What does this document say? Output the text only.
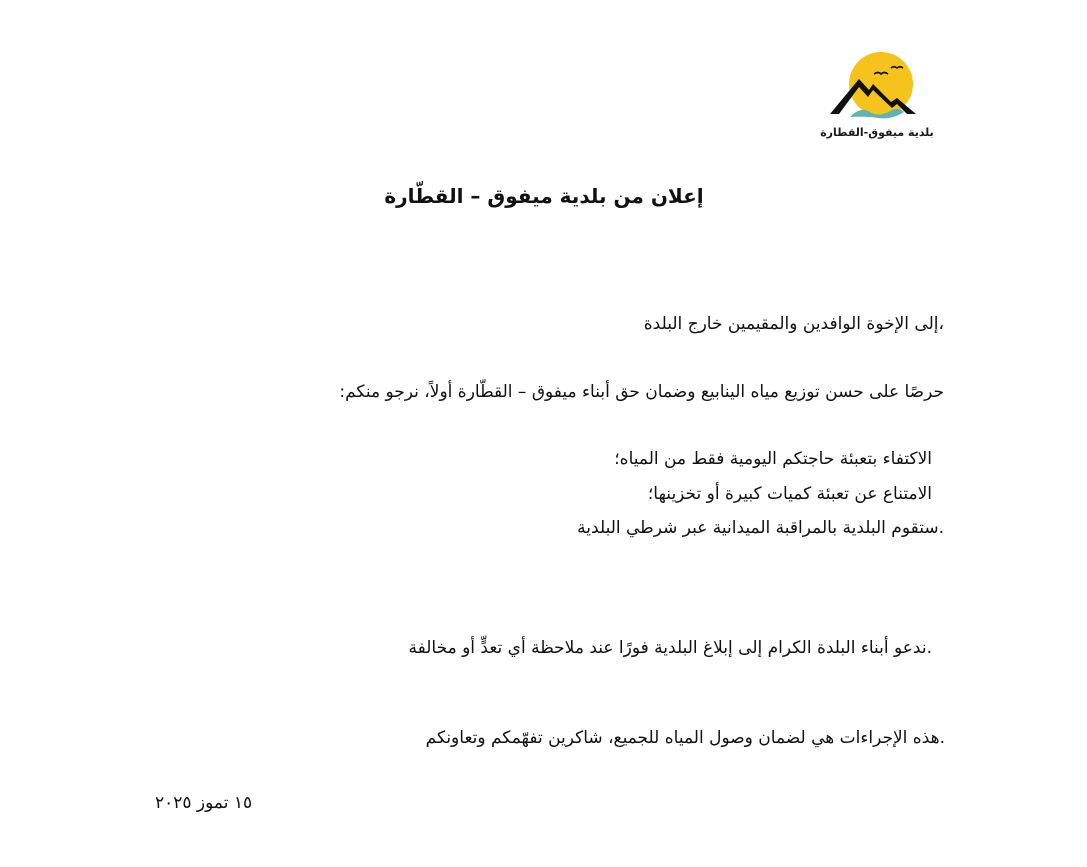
بلدية ميفوق-القطارة
إعلان من بلدية ميفوق – القطّارة
،إلى الإخوة الوافدين والمقيمين خارج البلدة
حرصًا على حسن توزيع مياه الينابيع وضمان حق أبناء ميفوق – القطّارة أولاً، نرجو منكم:
الاكتفاء بتعبئة حاجتكم اليومية فقط من المياه؛
الامتناع عن تعبئة كميات كبيرة أو تخزينها؛
.ستقوم البلدية بالمراقبة الميدانية عبر شرطي البلدية
.ندعو أبناء البلدة الكرام إلى إبلاغ البلدية فورًا عند ملاحظة أي تعدٍّ أو مخالفة
.هذه الإجراءات هي لضمان وصول المياه للجميع، شاكرين تفهّمكم وتعاونكم
١٥ تموز ٢٠٢٥
